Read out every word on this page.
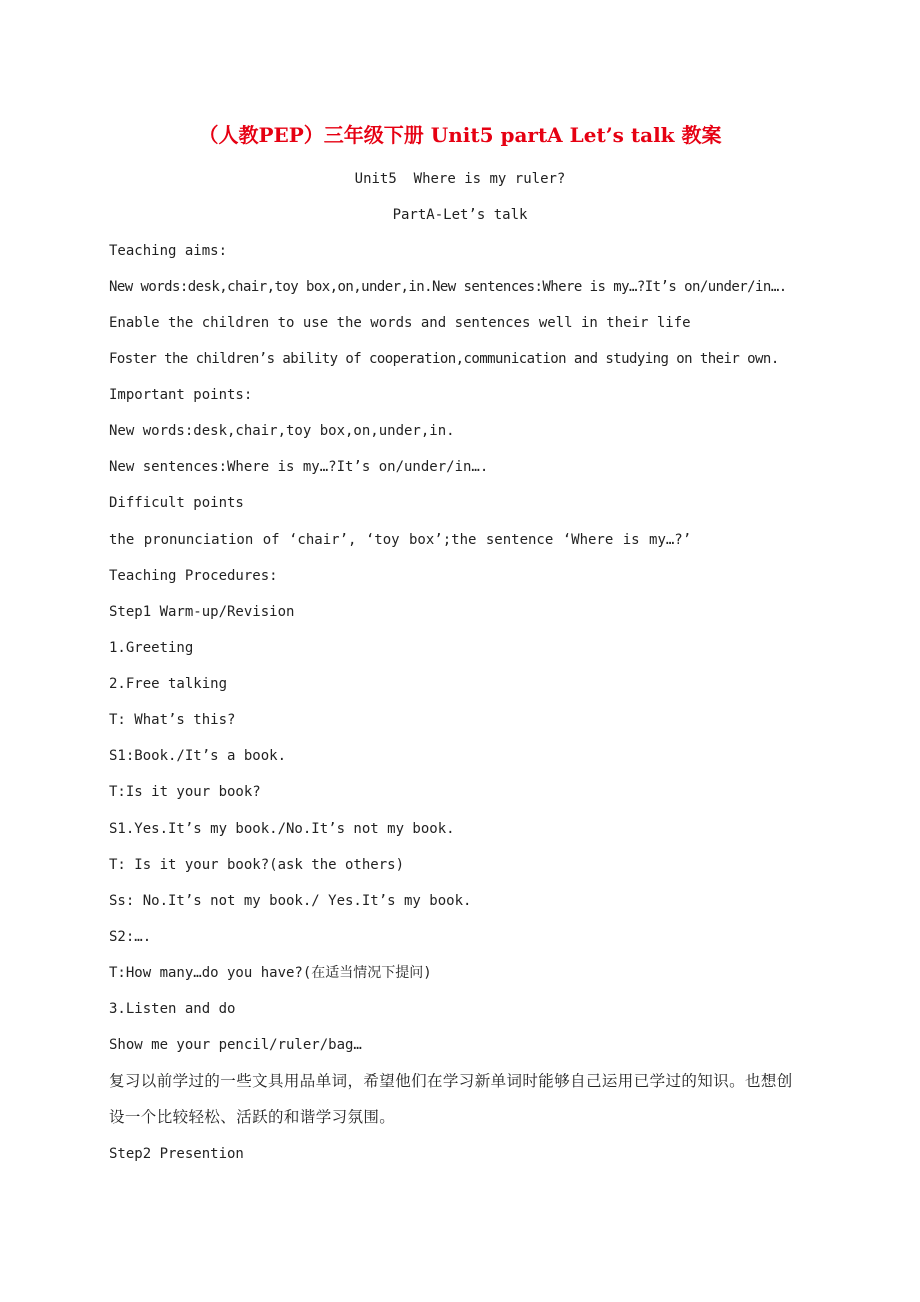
（人教PEP）三年级下册 Unit5 partA Let’s talk 教案
Unit5  Where is my ruler?
PartA-Let’s talk
Teaching aims:
New words:desk,chair,toy box,on,under,in.New sentences:Where is my…?It’s on/under/in….
Enable the children to use the words and sentences well in their life
Foster the children’s ability of cooperation,communication and studying on their own.
Important points:
New words:desk,chair,toy box,on,under,in.
New sentences:Where is my…?It’s on/under/in….
Difficult points
the pronunciation of ‘chair’, ‘toy box’;the sentence ‘Where is my…?’
Teaching Procedures:
Step1 Warm-up/Revision
1.Greeting
2.Free talking
T: What’s this?
S1:Book./It’s a book.
T:Is it your book?
S1.Yes.It’s my book./No.It’s not my book.
T: Is it your book?(ask the others)
Ss: No.It’s not my book./ Yes.It’s my book.
S2:….
T:How many…do you have?(在适当情况下提问)
3.Listen and do
Show me your pencil/ruler/bag…
复习以前学过的一些文具用品单词，希望他们在学习新单词时能够自己运用已学过的知识。也想创
设一个比较轻松、活跃的和谐学习氛围。
Step2 Presention
